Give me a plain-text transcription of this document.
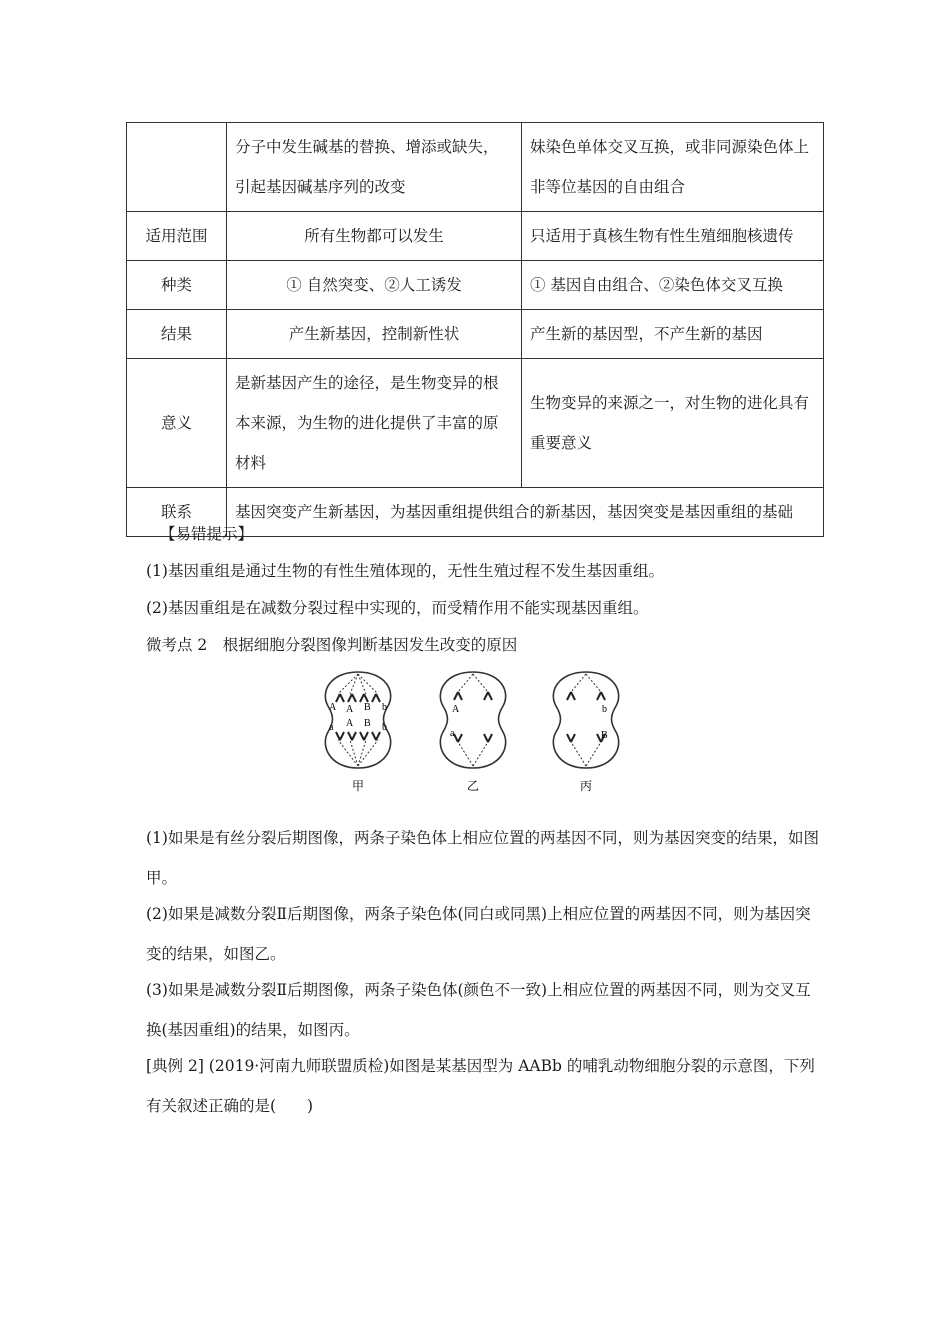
	分子中发生碱基的替换、增添或缺失，引起基因碱基序列的改变	妹染色单体交叉互换，或非同源染色体上非等位基因的自由组合
适用范围	所有生物都可以发生	只适用于真核生物有性生殖细胞核遗传
种类	① 自然突变、②人工诱发	① 基因自由组合、②染色体交叉互换
结果	产生新基因，控制新性状	产生新的基因型，不产生新的基因
意义	是新基因产生的途径，是生物变异的根本来源，为生物的进化提供了丰富的原材料	生物变异的来源之一，对生物的进化具有重要意义
联系	基因突变产生新基因，为基因重组提供组合的新基因，基因突变是基因重组的基础	
【易错提示】
(1)基因重组是通过生物的有性生殖体现的，无性生殖过程不发生基因重组。
(2)基因重组是在减数分裂过程中实现的，而受精作用不能实现基因重组。
微考点 2　根据细胞分裂图像判断基因发生改变的原因
A A B b
a A B b
甲
A
a
乙
b
B
丙
(1)如果是有丝分裂后期图像，两条子染色体上相应位置的两基因不同，则为基因突变的结果，如图甲。
(2)如果是减数分裂Ⅱ后期图像，两条子染色体(同白或同黑)上相应位置的两基因不同，则为基因突变的结果，如图乙。
(3)如果是减数分裂Ⅱ后期图像，两条子染色体(颜色不一致)上相应位置的两基因不同，则为交叉互换(基因重组)的结果，如图丙。
[典例 2] (2019·河南九师联盟质检)如图是某基因型为 AABb 的哺乳动物细胞分裂的示意图，下列有关叙述正确的是(　　)
